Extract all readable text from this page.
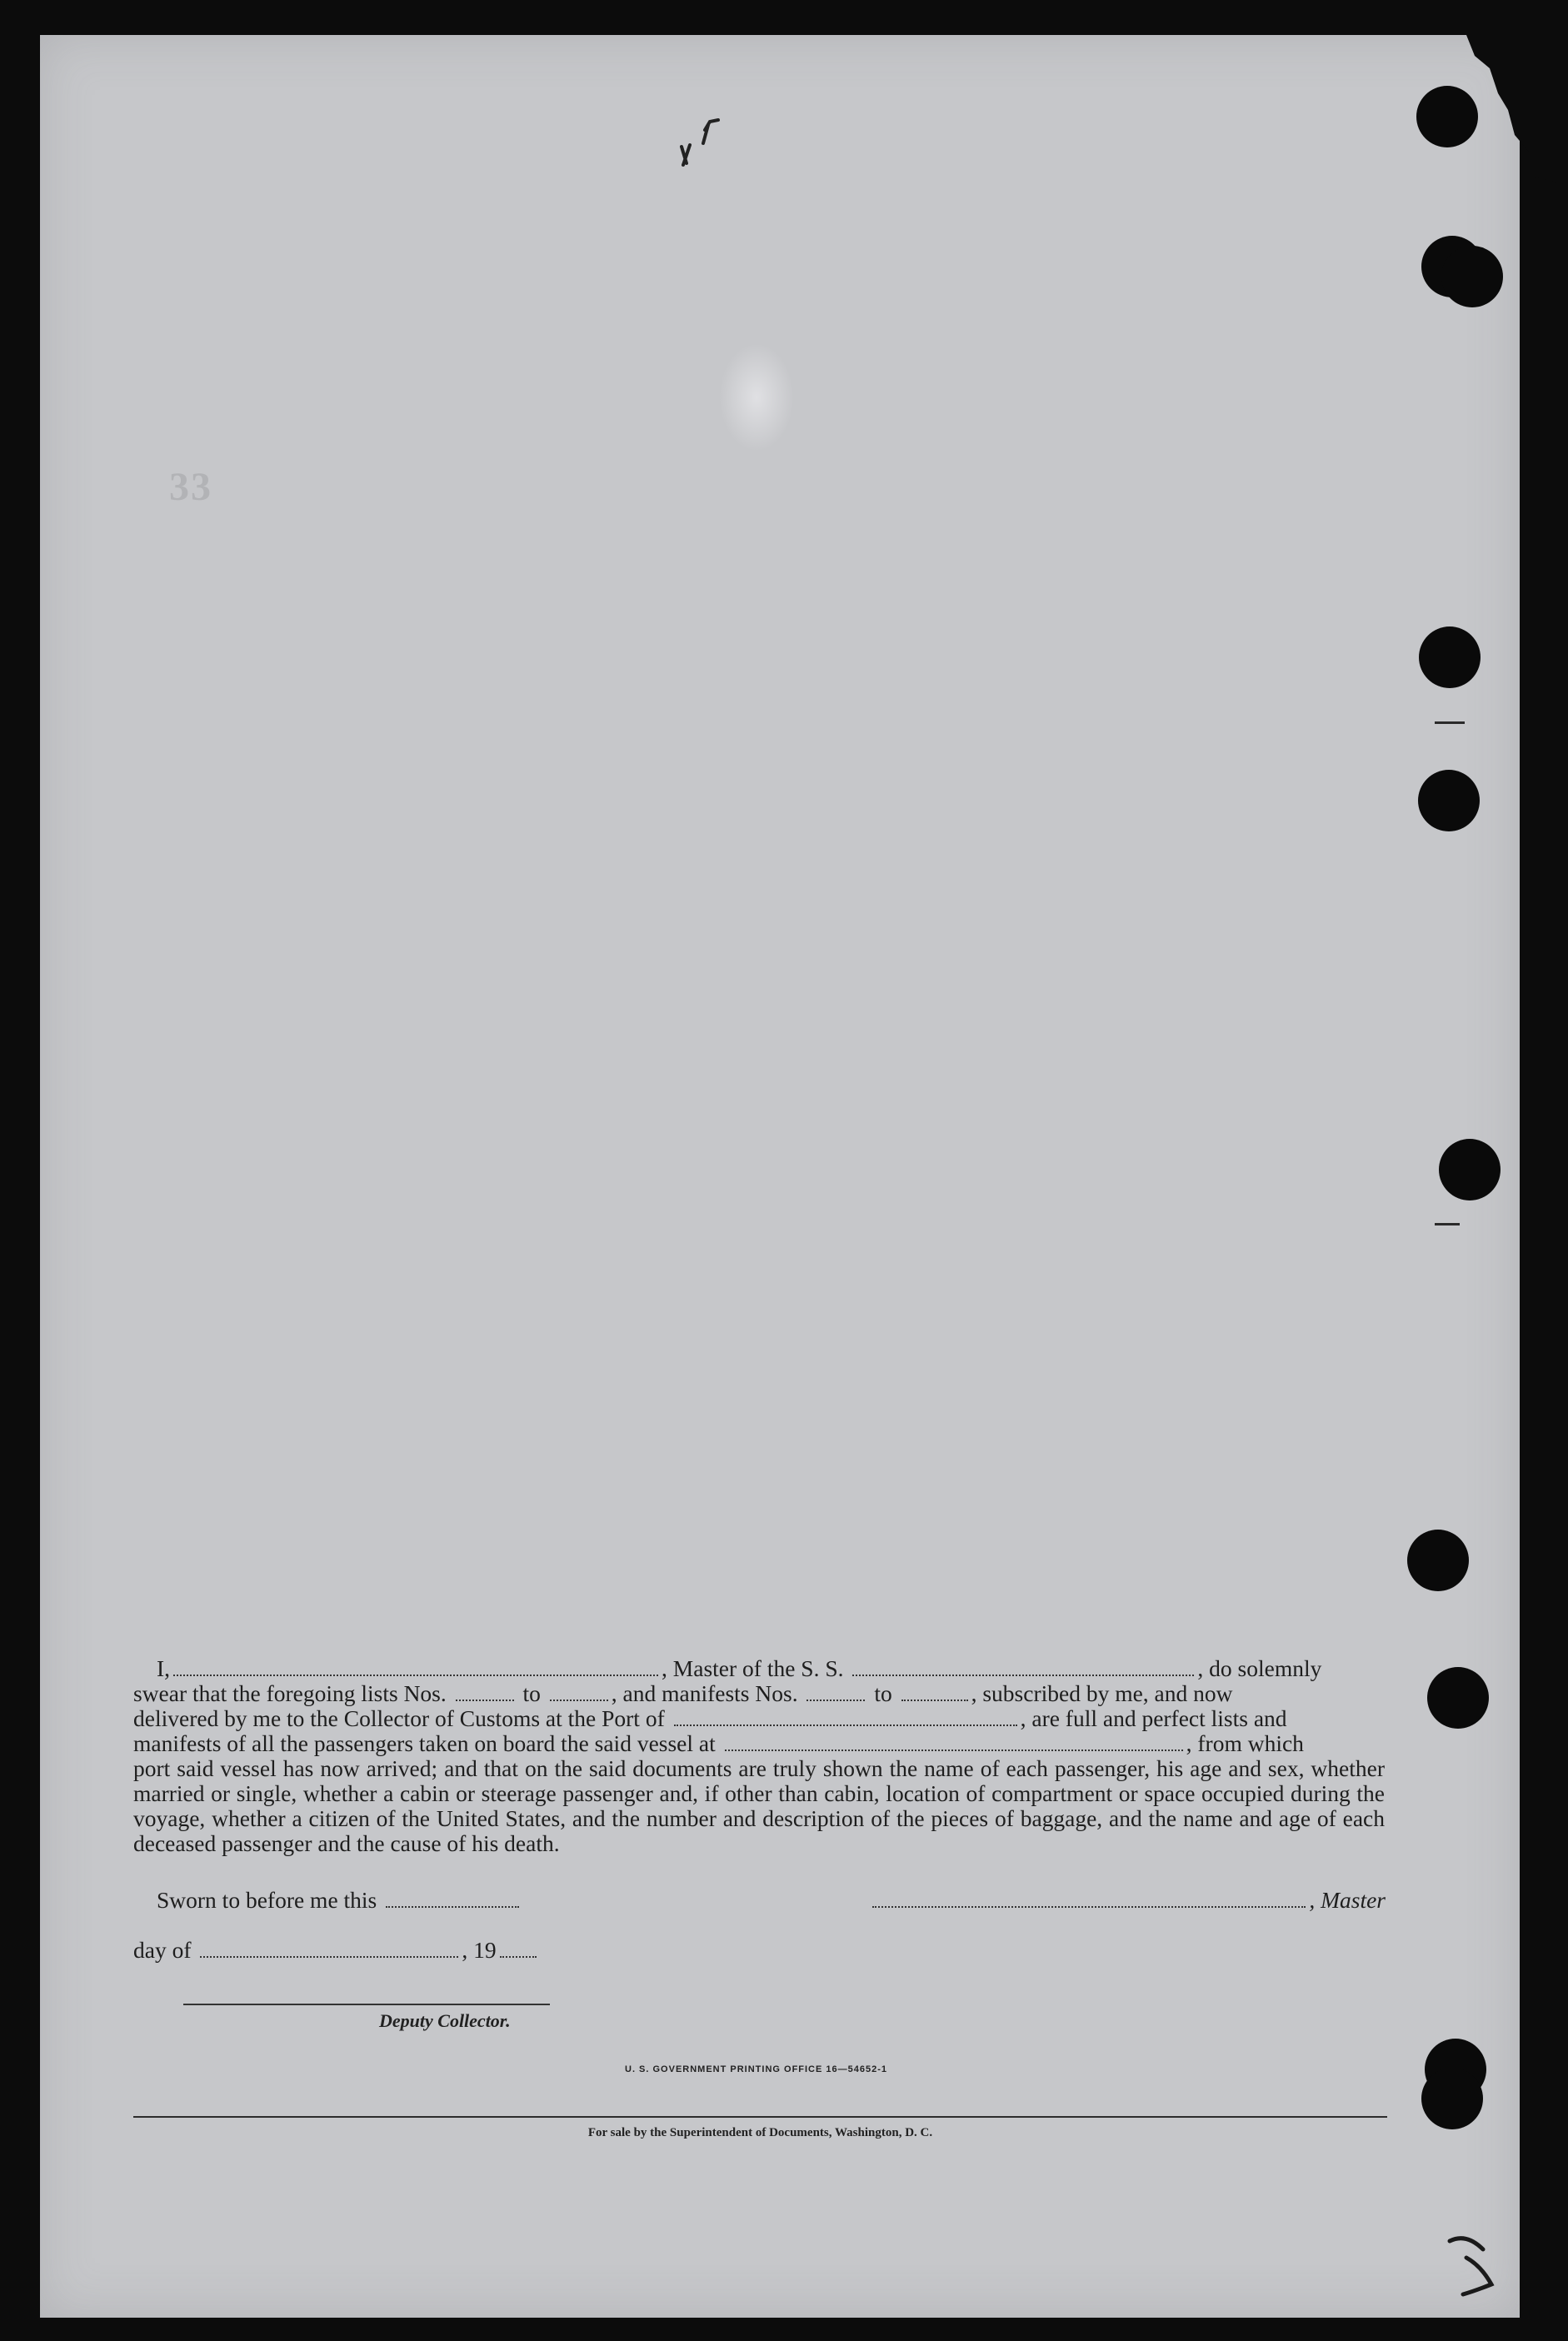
33

I,	, Master of the S. S.	, do solemnly

swear that the foregoing lists Nos.	to	, and manifests Nos.	to	, subscribed by me, and now

delivered by me to the Collector of Customs at the Port of	, are full and perfect lists and

manifests of all the passengers taken on board the said vessel at	, from which

port said vessel has now arrived; and that on the said documents are truly shown the name of each passenger, his age and sex, whether married or single, whether a cabin or steerage passenger and, if other than cabin, location of compartment or space occupied during the voyage, whether a citizen of the United States, and the number and description of the pieces of baggage, and the name and age of each deceased passenger and the cause of his death.

Sworn to before me this	, Master
day of	, 19
Deputy Collector.
U. S. GOVERNMENT PRINTING OFFICE 16—54652-1
For sale by the Superintendent of Documents, Washington, D. C.
